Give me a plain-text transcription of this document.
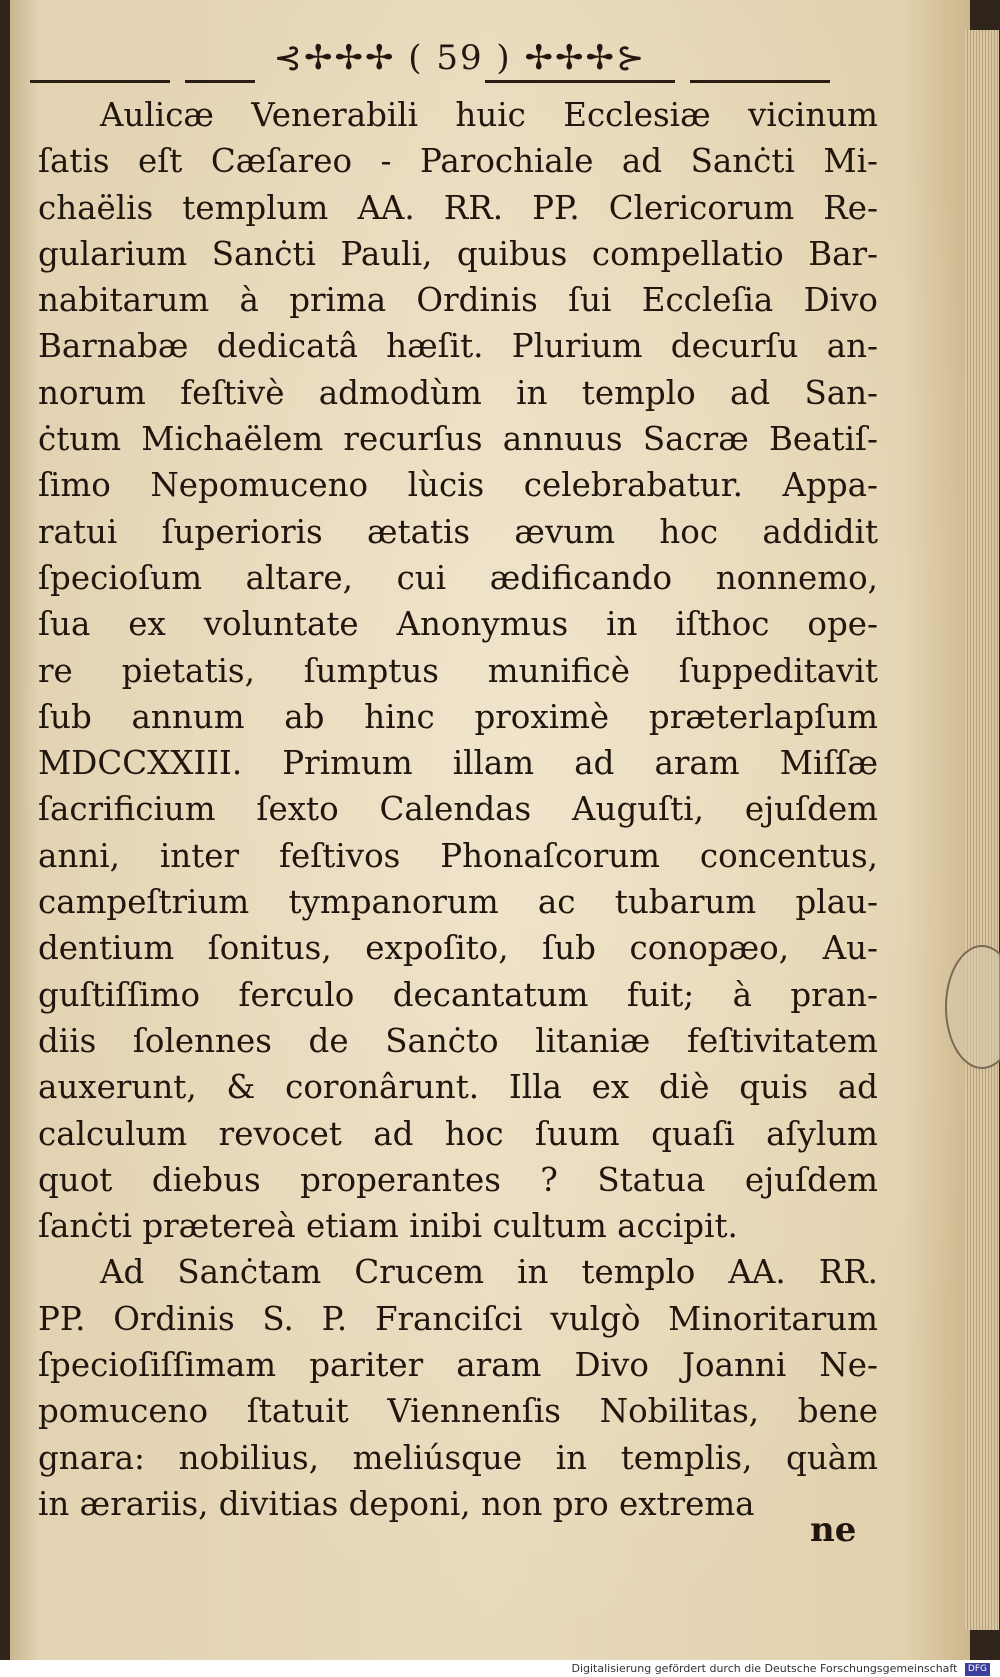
⊰✢✢✢ ( 59 ) ✢✢✢⊱
Aulicæ Venerabili huic Ecclesiæ vicinum
ſatis eſt Cæſareo - Parochiale ad Sanċti Mi-
chaëlis templum AA. RR. PP. Clericorum Re-
gularium Sanċti Pauli, quibus compellatio Bar-
nabitarum à prima Ordinis ſui Eccleſia Divo
Barnabæ dedicatâ hæſit. Plurium decurſu an-
norum feſtivè admodùm in templo ad San-
ċtum Michaëlem recurſus annuus Sacræ Beatiſ-
ſimo Nepomuceno lùcis celebrabatur. Appa-
ratui ſuperioris ætatis ævum hoc addidit
ſpecioſum altare, cui ædificando nonnemo,
ſua ex voluntate Anonymus in iſthoc ope-
re pietatis, ſumptus munificè ſuppeditavit
ſub annum ab hinc proximè præterlapſum
MDCCXXIII. Primum illam ad aram Miſſæ
ſacrificium ſexto Calendas Auguſti, ejuſdem
anni, inter feſtivos Phonaſcorum concentus,
campeſtrium tympanorum ac tubarum plau-
dentium ſonitus, expoſito, ſub conopæo, Au-
guſtiſſimo ferculo decantatum fuit; à pran-
diis ſolennes de Sanċto litaniæ feſtivitatem
auxerunt, & coronârunt. Illa ex diè quis ad
calculum revocet ad hoc ſuum quaſi aſylum
quot diebus properantes ? Statua ejuſdem
ſanċti prætereà etiam inibi cultum accipit.
Ad Sanċtam Crucem in templo AA. RR.
PP. Ordinis S. P. Franciſci vulgò Minoritarum
ſpecioſiſſimam pariter aram Divo Joanni Ne-
pomuceno ſtatuit Viennenſis Nobilitas, bene
gnara: nobilius, meliúsque in templis, quàm
in ærariis, divitias deponi, non pro extrema
ne
Digitalisierung gefördert durch die Deutsche Forschungsgemeinschaft DFG
